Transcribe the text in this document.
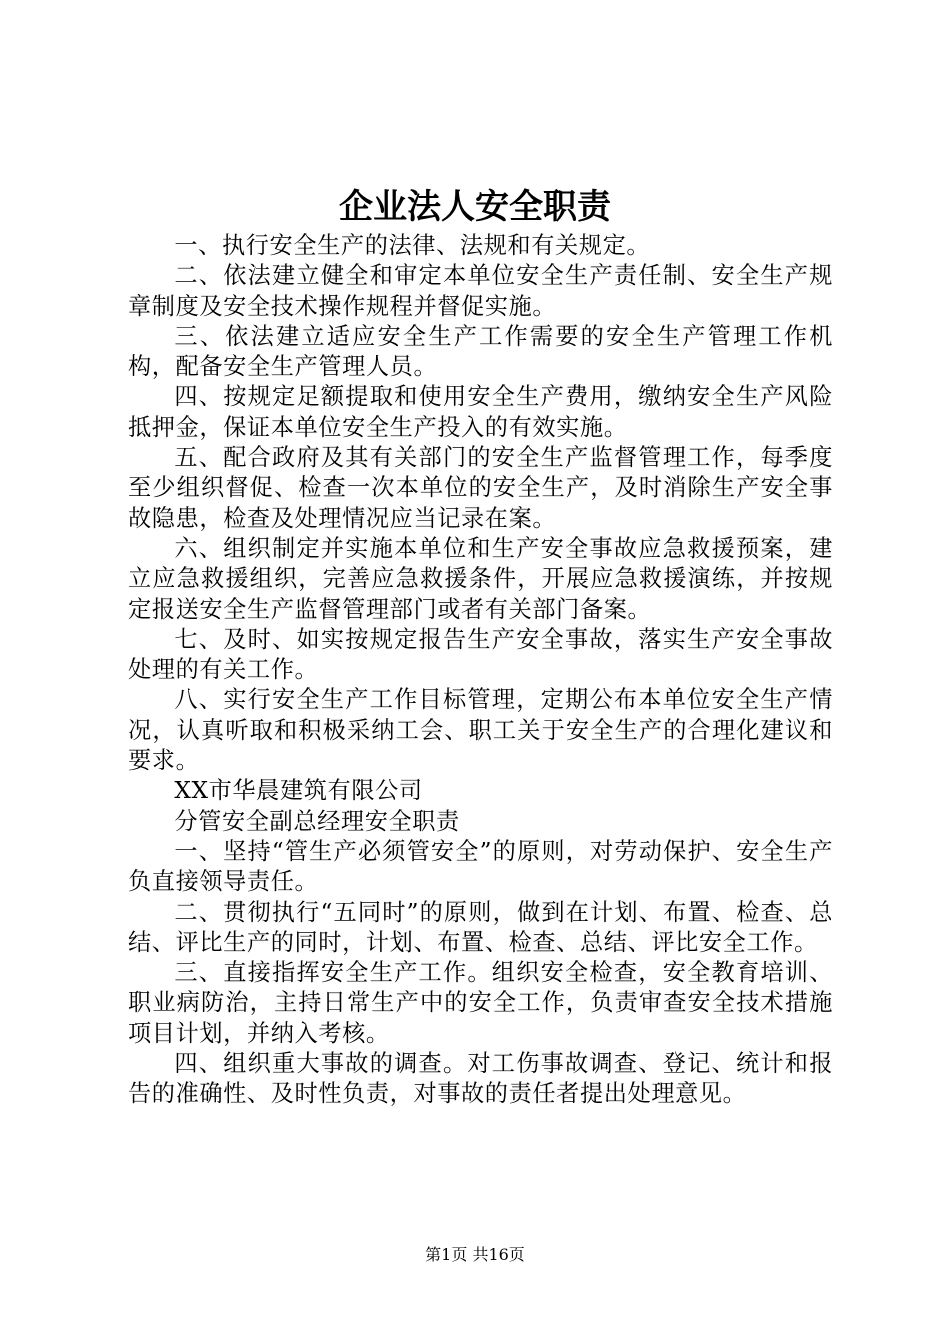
企业法人安全职责

一、执行安全生产的法律、法规和有关规定。

二、依法建立健全和审定本单位安全生产责任制、安全生产规章制度及安全技术操作规程并督促实施。

三、依法建立适应安全生产工作需要的安全生产管理工作机构，配备安全生产管理人员。

四、按规定足额提取和使用安全生产费用，缴纳安全生产风险抵押金，保证本单位安全生产投入的有效实施。

五、配合政府及其有关部门的安全生产监督管理工作，每季度至少组织督促、检查一次本单位的安全生产，及时消除生产安全事故隐患，检查及处理情况应当记录在案。

六、组织制定并实施本单位和生产安全事故应急救援预案，建立应急救援组织，完善应急救援条件，开展应急救援演练，并按规定报送安全生产监督管理部门或者有关部门备案。

七、及时、如实按规定报告生产安全事故，落实生产安全事故处理的有关工作。

八、实行安全生产工作目标管理，定期公布本单位安全生产情况，认真听取和积极采纳工会、职工关于安全生产的合理化建议和要求。

XX市华晨建筑有限公司

分管安全副总经理安全职责

一、坚持“管生产必须管安全”的原则，对劳动保护、安全生产负直接领导责任。

二、贯彻执行“五同时”的原则，做到在计划、布置、检查、总结、评比生产的同时，计划、布置、检查、总结、评比安全工作。

三、直接指挥安全生产工作。组织安全检查，安全教育培训、职业病防治，主持日常生产中的安全工作，负责审查安全技术措施项目计划，并纳入考核。

四、组织重大事故的调查。对工伤事故调查、登记、统计和报告的准确性、及时性负责，对事故的责任者提出处理意见。

第1页 共16页
